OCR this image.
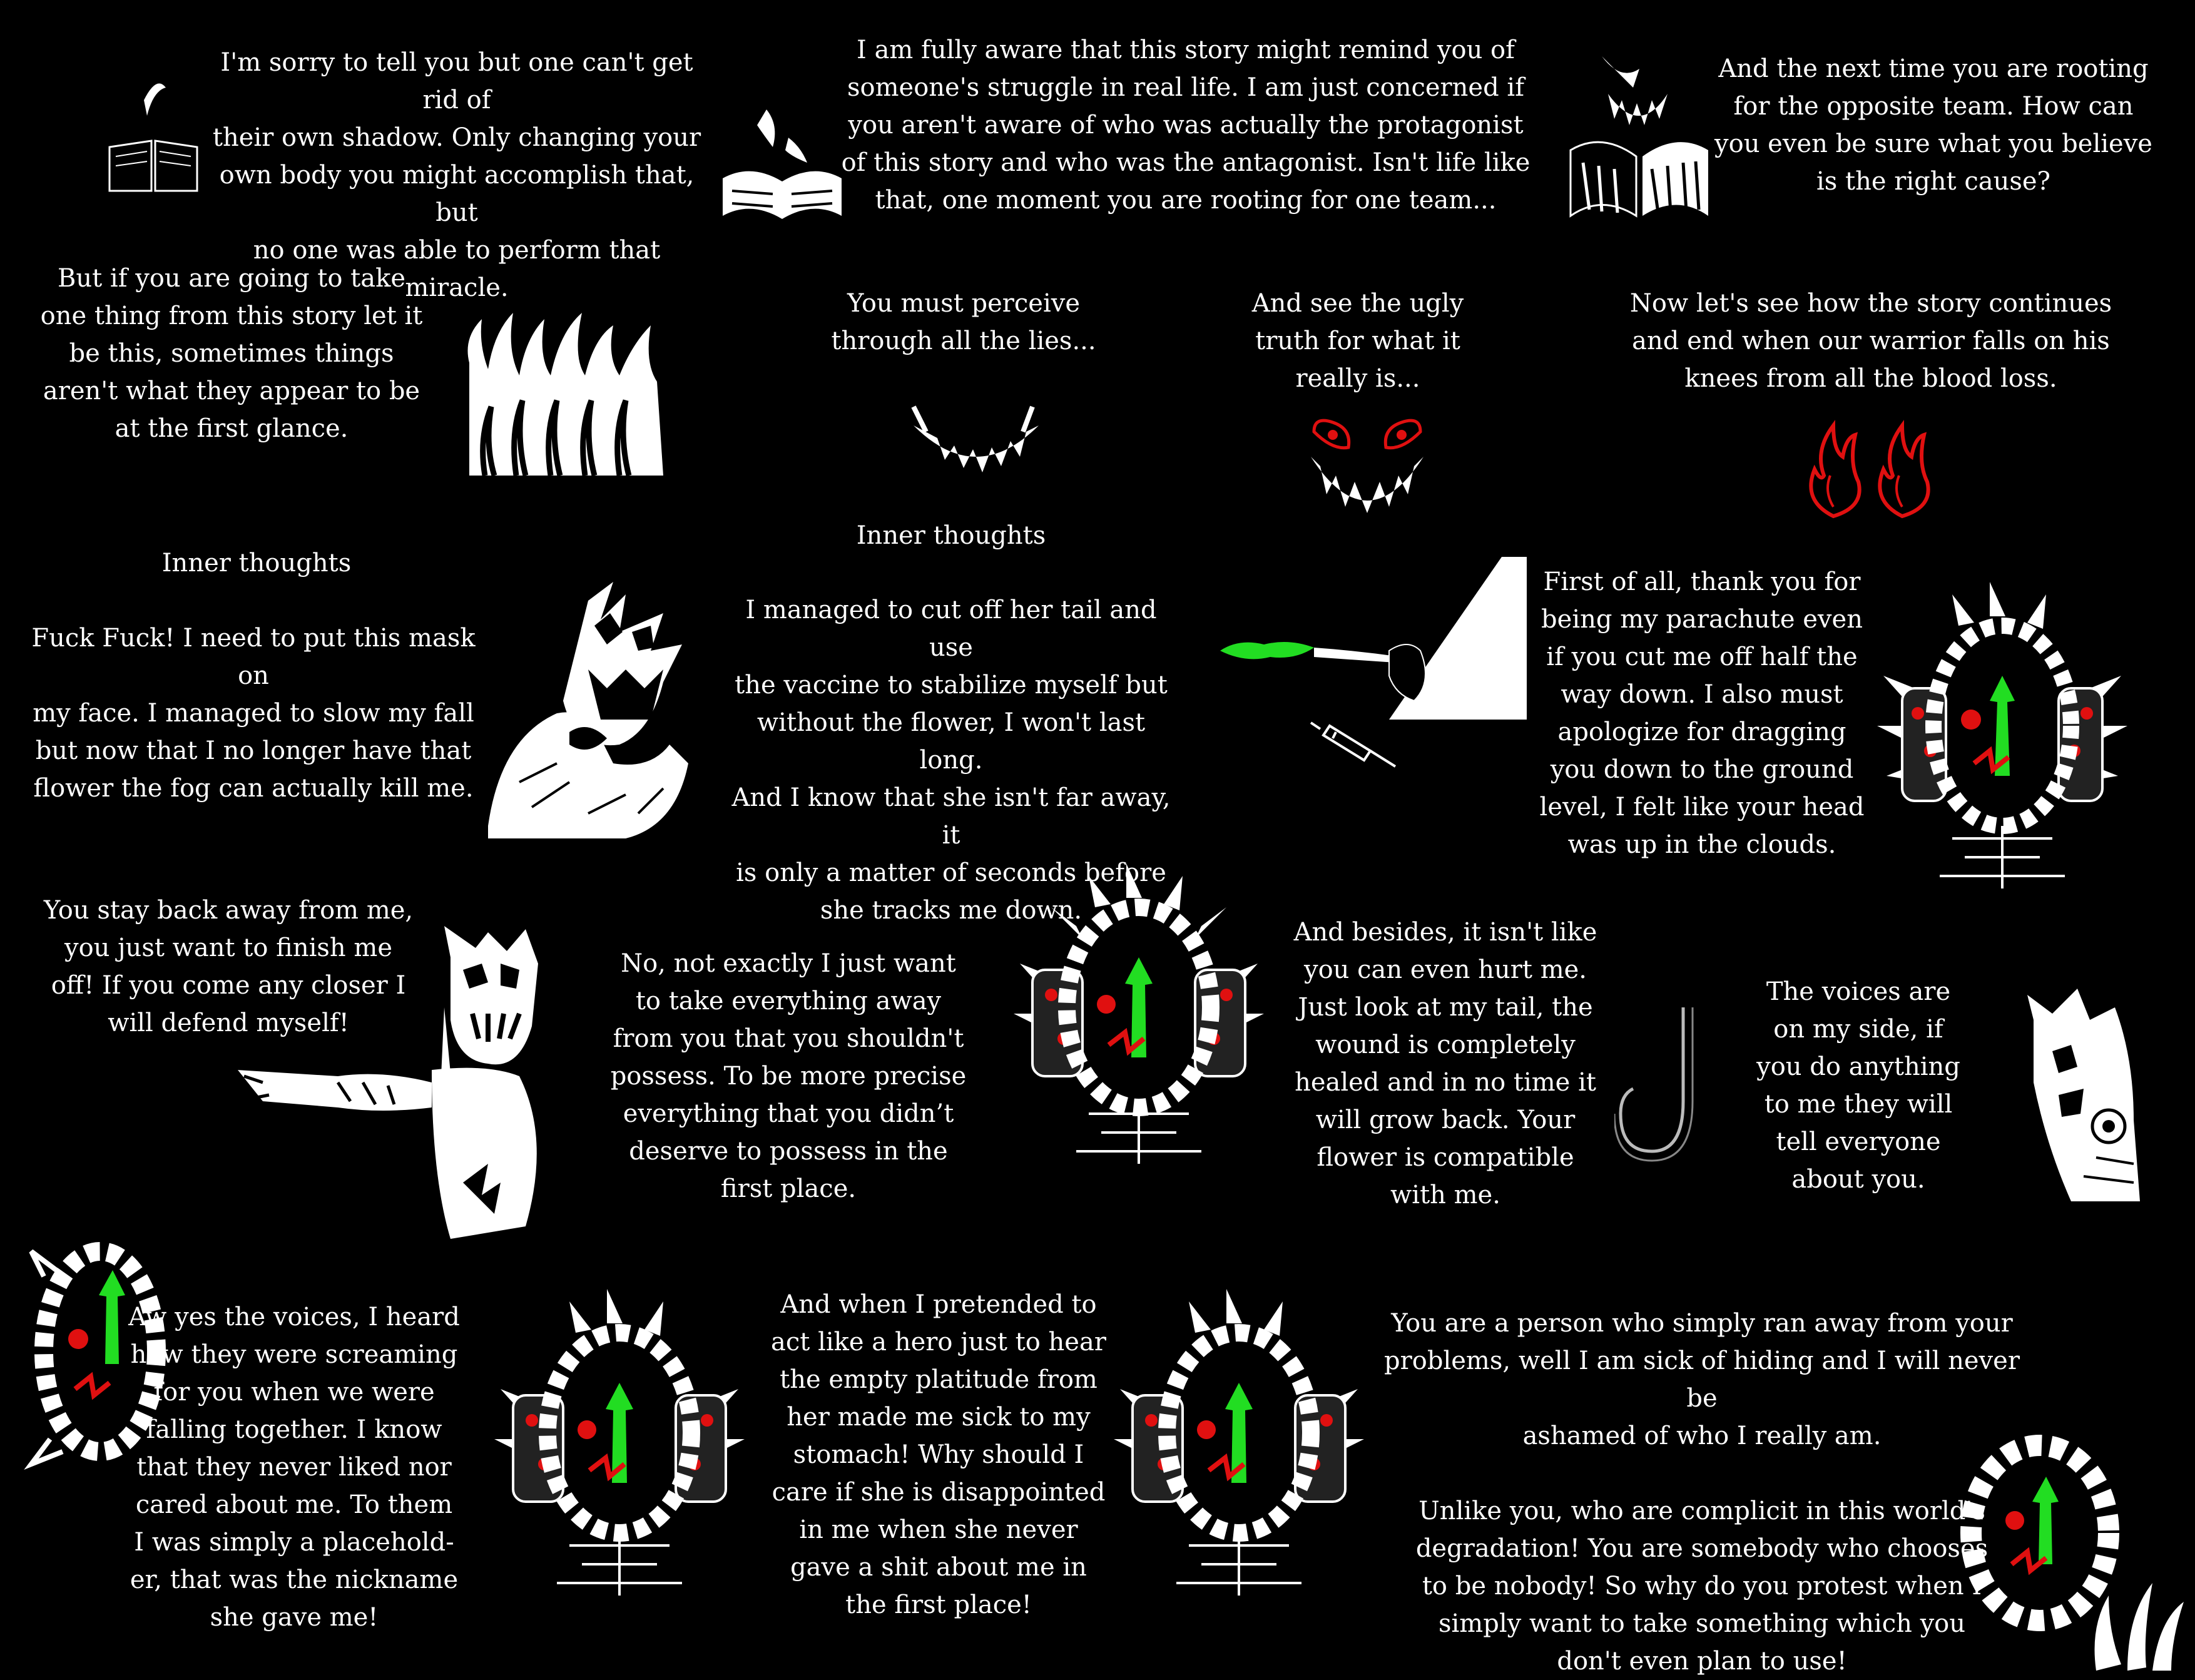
I'm sorry to tell you but one can't get rid of
their own shadow. Only changing your
own body you might accomplish that, but
no one was able to perform that miracle.
I am fully aware that this story might remind you of
someone's struggle in real life. I am just concerned if
you aren't aware of who was actually the protagonist
of this story and who was the antagonist. Isn't life like
that, one moment you are rooting for one team...
And the next time you are rooting
for the opposite team. How can
you even be sure what you believe
is the right cause?
But if you are going to take
one thing from this story let it
be this, sometimes things
aren't what they appear to be
at the first glance.
You must perceive
through all the lies...
And see the ugly
truth for what it
really is...
Now let's see how the story continues
and end when our warrior falls on his
knees from all the blood loss.
Inner thoughts
Fuck Fuck! I need to put this mask on
my face. I managed to slow my fall
but now that I no longer have that
flower the fog can actually kill me.
Inner thoughts
I managed to cut off her tail and use
the vaccine to stabilize myself but
without the flower, I won't last long.
And I know that she isn't far away, it
is only a matter of seconds before
she tracks me down.
First of all, thank you for
being my parachute even
if you cut me off half the
way down. I also must
apologize for dragging
you down to the ground
level, I felt like your head
was up in the clouds.
You stay back away from me,
you just want to finish me
off! If you come any closer I
will defend myself!
No, not exactly I just want
to take everything away
from you that you shouldn't
possess. To be more precise
everything that you didn’t
deserve to possess in the
first place.
And besides, it isn't like
you can even hurt me.
Just look at my tail, the
wound is completely
healed and in no time it
will grow back. Your
flower is compatible
with me.
The voices are
on my side, if
you do anything
to me they will
tell everyone
about you.
Aw yes the voices, I heard
how they were screaming
for you when we were
falling together. I know
that they never liked nor
cared about me. To them
I was simply a placehold-
er, that was the nickname
she gave me!
And when I pretended to
act like a hero just to hear
the empty platitude from
her made me sick to my
stomach! Why should I
care if she is disappointed
in me when she never
gave a shit about me in
the first place!
You are a person who simply ran away from your
problems, well I am sick of hiding and I will never be
ashamed of who I really am.

Unlike you, who are complicit in this world's
degradation! You are somebody who chooses
to be nobody! So why do you protest when I
simply want to take something which you
don't even plan to use!
